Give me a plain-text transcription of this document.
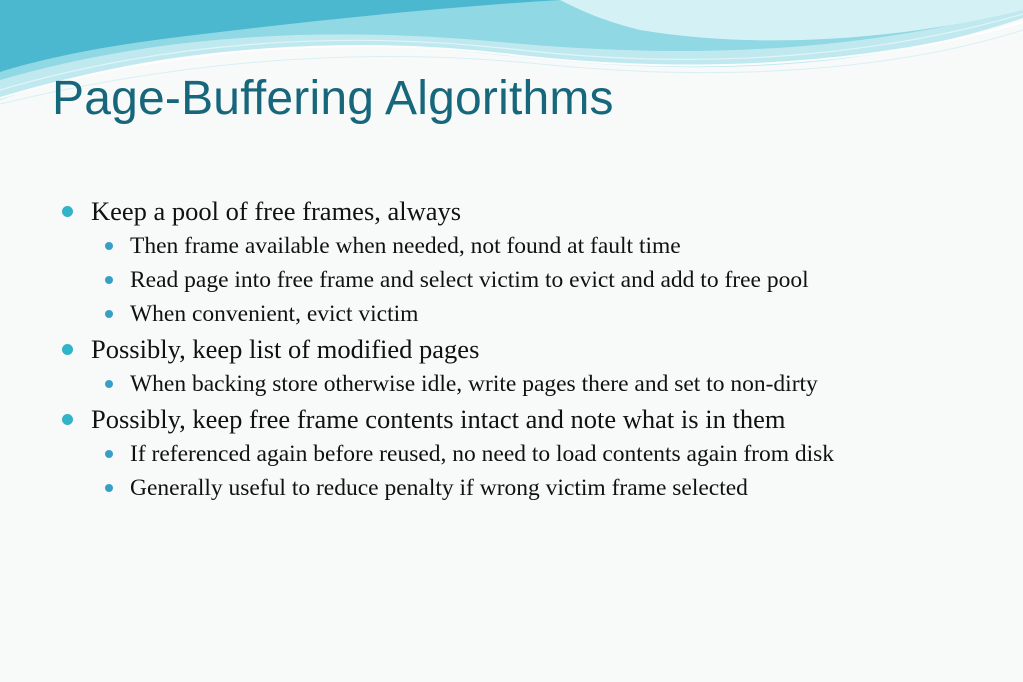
Page-Buffering Algorithms
Keep a pool of free frames, always
Then frame available when needed, not found at fault time
Read page into free frame and select victim to evict and add to free pool
When convenient, evict victim
Possibly, keep list of modified pages
When backing store otherwise idle, write pages there and set to non-dirty
Possibly, keep free frame contents intact and note what is in them
If referenced again before reused, no need to load contents again from disk
Generally useful to reduce penalty if wrong victim frame selected
